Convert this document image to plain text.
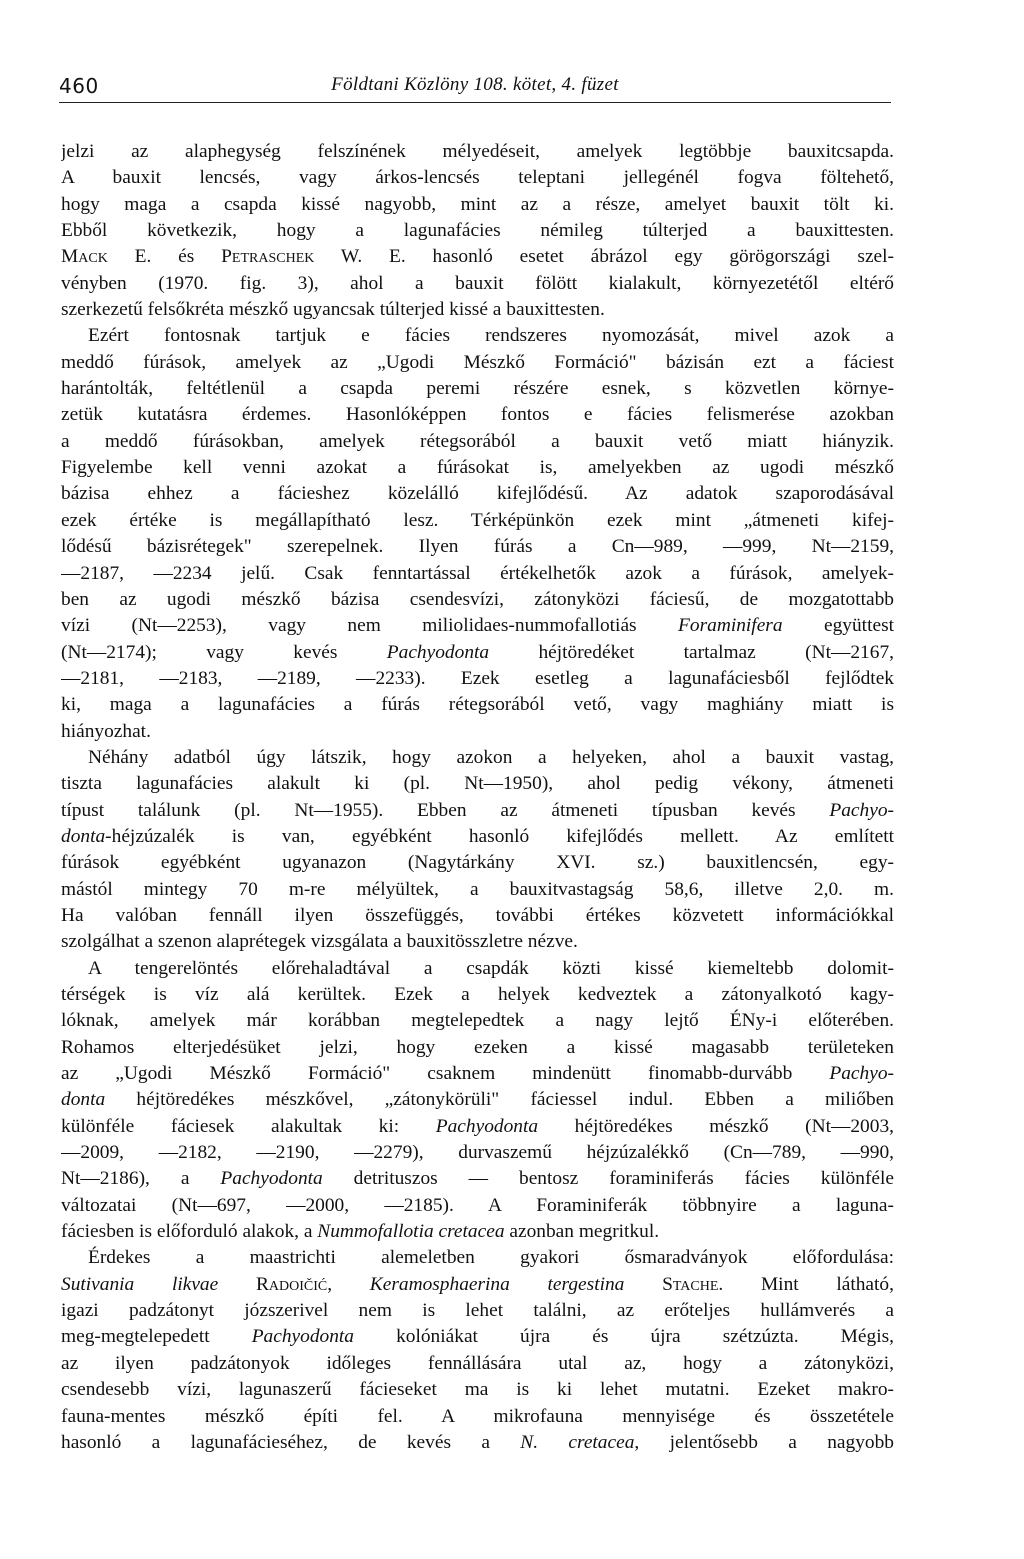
460	Földtani Közlöny 108. kötet, 4. füzet
jelzi az alaphegység felszínének mélyedéseit, amelyek legtöbbje bauxitcsapda.
A bauxit lencsés, vagy árkos-lencsés teleptani jellegénél fogva föltehető,
hogy maga a csapda kissé nagyobb, mint az a része, amelyet bauxit tölt ki.
Ebből következik, hogy a lagunafácies némileg túlterjed a bauxittesten.
Mack E. és Petraschek W. E. hasonló esetet ábrázol egy görögországi szel-
vényben (1970. fig. 3), ahol a bauxit fölött kialakult, környezetétől eltérő
szerkezetű felsőkréta mészkő ugyancsak túlterjed kissé a bauxittesten.
Ezért fontosnak tartjuk e fácies rendszeres nyomozását, mivel azok a
meddő fúrások, amelyek az „Ugodi Mészkő Formáció" bázisán ezt a fáciest
harántolták, feltétlenül a csapda peremi részére esnek, s közvetlen környe-
zetük kutatásra érdemes. Hasonlóképpen fontos e fácies felismerése azokban
a meddő fúrásokban, amelyek rétegsorából a bauxit vető miatt hiányzik.
Figyelembe kell venni azokat a fúrásokat is, amelyekben az ugodi mészkő
bázisa ehhez a fácieshez közelálló kifejlődésű. Az adatok szaporodásával
ezek értéke is megállapítható lesz. Térképünkön ezek mint „átmeneti kifej-
lődésű bázisrétegek" szerepelnek. Ilyen fúrás a Cn—989, —999, Nt—2159,
—2187, —2234 jelű. Csak fenntartással értékelhetők azok a fúrások, amelyek-
ben az ugodi mészkő bázisa csendesvízi, zátonyközi fáciesű, de mozgatottabb
vízi (Nt—2253), vagy nem miliolidaes-nummofallotiás Foraminifera együttest
(Nt—2174); vagy kevés Pachyodonta héjtöredéket tartalmaz (Nt—2167,
—2181, —2183, —2189, —2233). Ezek esetleg a lagunafáciesből fejlődtek
ki, maga a lagunafácies a fúrás rétegsorából vető, vagy maghiány miatt is
hiányozhat.
Néhány adatból úgy látszik, hogy azokon a helyeken, ahol a bauxit vastag,
tiszta lagunafácies alakult ki (pl. Nt—1950), ahol pedig vékony, átmeneti
típust találunk (pl. Nt—1955). Ebben az átmeneti típusban kevés Pachyo-
donta-héjzúzalék is van, egyébként hasonló kifejlődés mellett. Az említett
fúrások egyébként ugyanazon (Nagytárkány XVI. sz.) bauxitlencsén, egy-
mástól mintegy 70 m-re mélyültek, a bauxitvastagság 58,6, illetve 2,0. m.
Ha valóban fennáll ilyen összefüggés, további értékes közvetett információkkal
szolgálhat a szenon alaprétegek vizsgálata a bauxitösszletre nézve.
A tengerelöntés előrehaladtával a csapdák közti kissé kiemeltebb dolomit-
térségek is víz alá kerültek. Ezek a helyek kedveztek a zátonyalkotó kagy-
lóknak, amelyek már korábban megtelepedtek a nagy lejtő ÉNy-i előterében.
Rohamos elterjedésüket jelzi, hogy ezeken a kissé magasabb területeken
az „Ugodi Mészkő Formáció" csaknem mindenütt finomabb-durvább Pachyo-
donta héjtöredékes mészkővel, „zátonykörüli" fáciessel indul. Ebben a miliőben
különféle fáciesek alakultak ki: Pachyodonta héjtöredékes mészkő (Nt—2003,
—2009, —2182, —2190, —2279), durvaszemű héjzúzalékkő (Cn—789, —990,
Nt—2186), a Pachyodonta detrituszos — bentosz foraminiferás fácies különféle
változatai (Nt—697, —2000, —2185). A Foraminiferák többnyire a laguna-
fáciesben is előforduló alakok, a Nummofallotia cretacea azonban megritkul.
Érdekes a maastrichti alemeletben gyakori ősmaradványok előfordulása:
Sutivania likvae Radoičić, Keramosphaerina tergestina Stache. Mint látható,
igazi padzátonyt józszerivel nem is lehet találni, az erőteljes hullámverés a
meg-megtelepedett Pachyodonta kolóniákat újra és újra szétzúzta. Mégis,
az ilyen padzátonyok időleges fennállására utal az, hogy a zátonyközi,
csendesebb vízi, lagunaszerű fácieseket ma is ki lehet mutatni. Ezeket makro-
fauna-mentes mészkő építi fel. A mikrofauna mennyisége és összetétele
hasonló a lagunafácieséhez, de kevés a N. cretacea, jelentősebb a nagyobb
